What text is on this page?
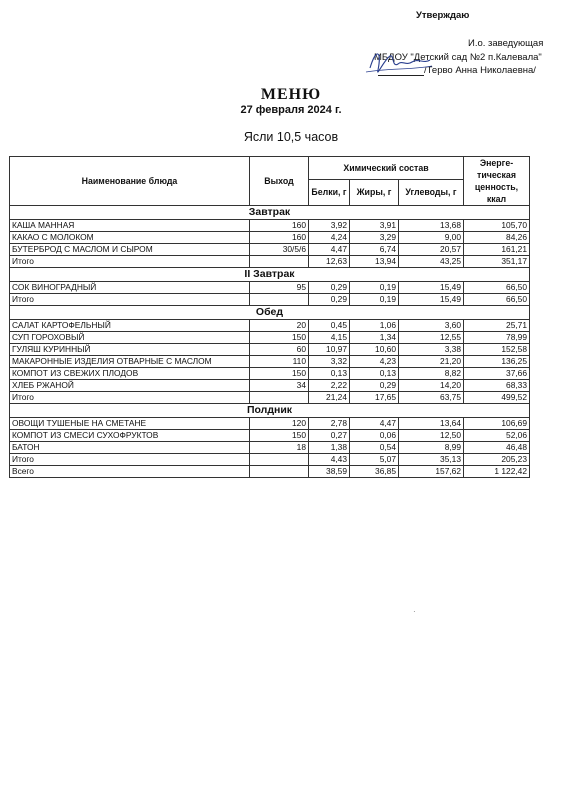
Утверждаю
И.о. заведующая
МБДОУ "Детский сад №2 п.Калевала"
/Терво Анна Николаевна/
МЕНЮ
27 февраля 2024 г.
Ясли 10,5 часов
Наименование блюда	Выход	Химический состав			Энерге-тическая ценность, ккал
		Белки, г	Жиры, г	Углеводы, г	
Завтрак					
КАША МАННАЯ	160	3,92	3,91	13,68	105,70
КАКАО С МОЛОКОМ	160	4,24	3,29	9,00	84,26
БУТЕРБРОД С МАСЛОМ И СЫРОМ	30/5/6	4,47	6,74	20,57	161,21
Итого		12,63	13,94	43,25	351,17
II Завтрак					
СОК ВИНОГРАДНЫЙ	95	0,29	0,19	15,49	66,50
Итого		0,29	0,19	15,49	66,50
Обед					
САЛАТ КАРТОФЕЛЬНЫЙ	20	0,45	1,06	3,60	25,71
СУП ГОРОХОВЫЙ	150	4,15	1,34	12,55	78,99
ГУЛЯШ КУРИННЫЙ	60	10,97	10,60	3,38	152,58
МАКАРОННЫЕ ИЗДЕЛИЯ ОТВАРНЫЕ С МАСЛОМ	110	3,32	4,23	21,20	136,25
КОМПОТ ИЗ СВЕЖИХ ПЛОДОВ	150	0,13	0,13	8,82	37,66
ХЛЕБ РЖАНОЙ	34	2,22	0,29	14,20	68,33
Итого		21,24	17,65	63,75	499,52
Полдник					
ОВОЩИ ТУШЕНЫЕ НА СМЕТАНЕ	120	2,78	4,47	13,64	106,69
КОМПОТ ИЗ СМЕСИ СУХОФРУКТОВ	150	0,27	0,06	12,50	52,06
БАТОН	18	1,38	0,54	8,99	46,48
Итого		4,43	5,07	35,13	205,23
Всего		38,59	36,85	157,62	1 122,42
·
